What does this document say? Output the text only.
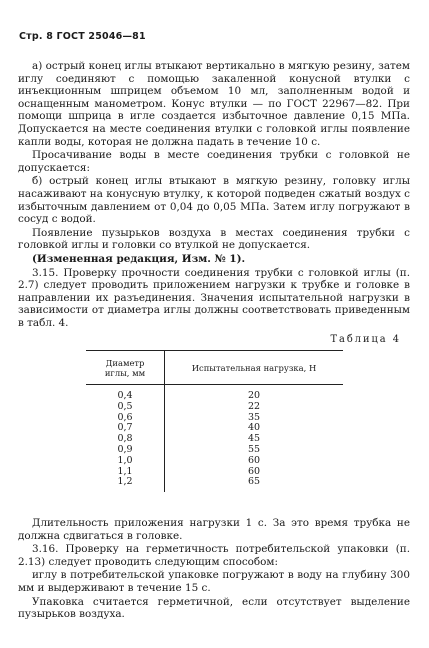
Стр. 8 ГОСТ 25046—81

а) острый конец иглы втыкают вертикально в мягкую резину, затем иглу соединяют с помощью закаленной конусной втулки с инъекционным шприцем объемом 10 мл, заполненным водой и оснащенным манометром. Конус втулки — по ГОСТ 22967—82. При помощи шприца в игле создается избыточное давление 0,15 МПа. Допускается на месте соединения втулки с головкой иглы появление капли воды, которая не должна падать в течение 10 с.

Просачивание воды в месте соединения трубки с головкой не допускается:

б) острый конец иглы втыкают в мягкую резину, головку иглы насаживают на конусную втулку, к которой подведен сжатый воздух с избыточным давлением от 0,04 до 0,05 МПа. Затем иглу погружают в сосуд с водой.

Появление пузырьков воздуха в местах соединения трубки с головкой иглы и головки со втулкой не допускается.

(Измененная редакция, Изм. № 1).

3.15. Проверку прочности соединения трубки с головкой иглы (п. 2.7) следует проводить приложением нагрузки к трубке и головке в направлении их разъединения. Значения испытательной нагрузки в зависимости от диаметра иглы должны соответствовать приведенным в табл. 4.

Таблица 4
Диаметр
иглы, мм	Испытательная нагрузка, Н
0,4	20
0,5	22
0,6	35
0,7	40
0,8	45
0,9	55
1,0	60
1,1	60
1,2	65

Длительность приложения нагрузки 1 с. За это время трубка не должна сдвигаться в головке.

3.16. Проверку на герметичность потребительской упаковки (п. 2.13) следует проводить следующим способом:

иглу в потребительской упаковке погружают в воду на глубину 300 мм и выдерживают в течение 15 с.

Упаковка считается герметичной, если отсутствует выделение пузырьков воздуха.
